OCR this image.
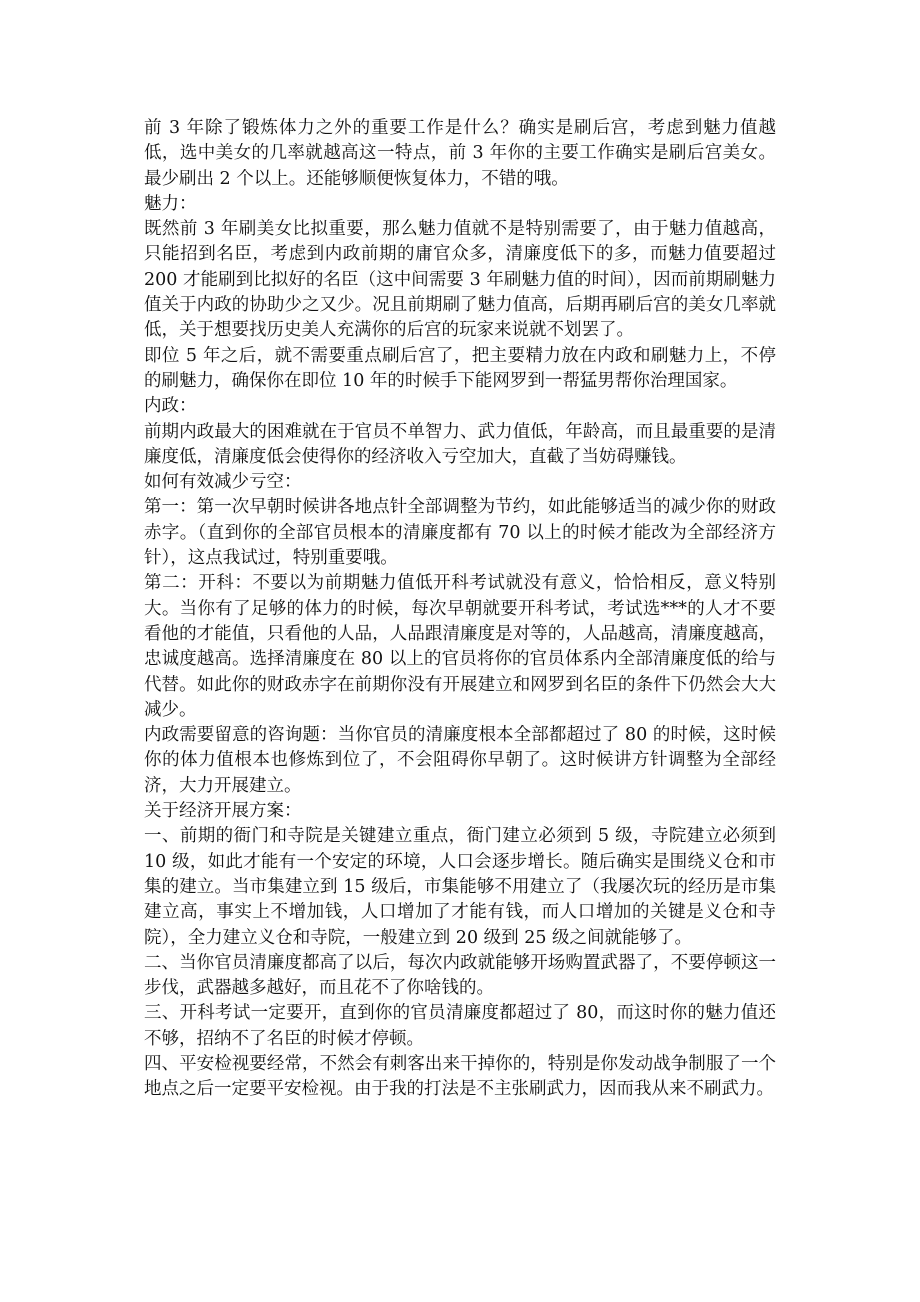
前 3 年除了锻炼体力之外的重要工作是什么？确实是刷后宫，考虑到魅力值越低，选中美女的几率就越高这一特点，前 3 年你的主要工作确实是刷后宫美女。最少刷出 2 个以上。还能够顺便恢复体力，不错的哦。

魅力：

既然前 3 年刷美女比拟重要，那么魅力值就不是特别需要了，由于魅力值越高，只能招到名臣，考虑到内政前期的庸官众多，清廉度低下的多，而魅力值要超过 200 才能刷到比拟好的名臣（这中间需要 3 年刷魅力值的时间），因而前期刷魅力值关于内政的协助少之又少。况且前期刷了魅力值高，后期再刷后宫的美女几率就低，关于想要找历史美人充满你的后宫的玩家来说就不划罢了。

即位 5 年之后，就不需要重点刷后宫了，把主要精力放在内政和刷魅力上，不停的刷魅力，确保你在即位 10 年的时候手下能网罗到一帮猛男帮你治理国家。

内政：

前期内政最大的困难就在于官员不单智力、武力值低，年龄高，而且最重要的是清廉度低，清廉度低会使得你的经济收入亏空加大，直截了当妨碍赚钱。

如何有效减少亏空：

第一：第一次早朝时候讲各地点针全部调整为节约，如此能够适当的减少你的财政赤字。（直到你的全部官员根本的清廉度都有 70 以上的时候才能改为全部经济方针），这点我试过，特别重要哦。

第二：开科：不要以为前期魅力值低开科考试就没有意义，恰恰相反，意义特别大。当你有了足够的体力的时候，每次早朝就要开科考试，考试选***的人才不要看他的才能值，只看他的人品，人品跟清廉度是对等的，人品越高，清廉度越高，忠诚度越高。选择清廉度在 80 以上的官员将你的官员体系内全部清廉度低的给与代替。如此你的财政赤字在前期你没有开展建立和网罗到名臣的条件下仍然会大大减少。

内政需要留意的咨询题：当你官员的清廉度根本全部都超过了 80 的时候，这时候你的体力值根本也修炼到位了，不会阻碍你早朝了。这时候讲方针调整为全部经济，大力开展建立。

关于经济开展方案：

一、前期的衙门和寺院是关键建立重点，衙门建立必须到 5 级，寺院建立必须到 10 级，如此才能有一个安定的环境，人口会逐步增长。随后确实是围绕义仓和市集的建立。当市集建立到 15 级后，市集能够不用建立了（我屡次玩的经历是市集建立高，事实上不增加钱，人口增加了才能有钱，而人口增加的关键是义仓和寺院），全力建立义仓和寺院，一般建立到 20 级到 25 级之间就能够了。

二、当你官员清廉度都高了以后，每次内政就能够开场购置武器了，不要停顿这一步伐，武器越多越好，而且花不了你啥钱的。

三、开科考试一定要开，直到你的官员清廉度都超过了 80，而这时你的魅力值还不够，招纳不了名臣的时候才停顿。

四、平安检视要经常，不然会有刺客出来干掉你的，特别是你发动战争制服了一个地点之后一定要平安检视。由于我的打法是不主张刷武力，因而我从来不刷武力。
